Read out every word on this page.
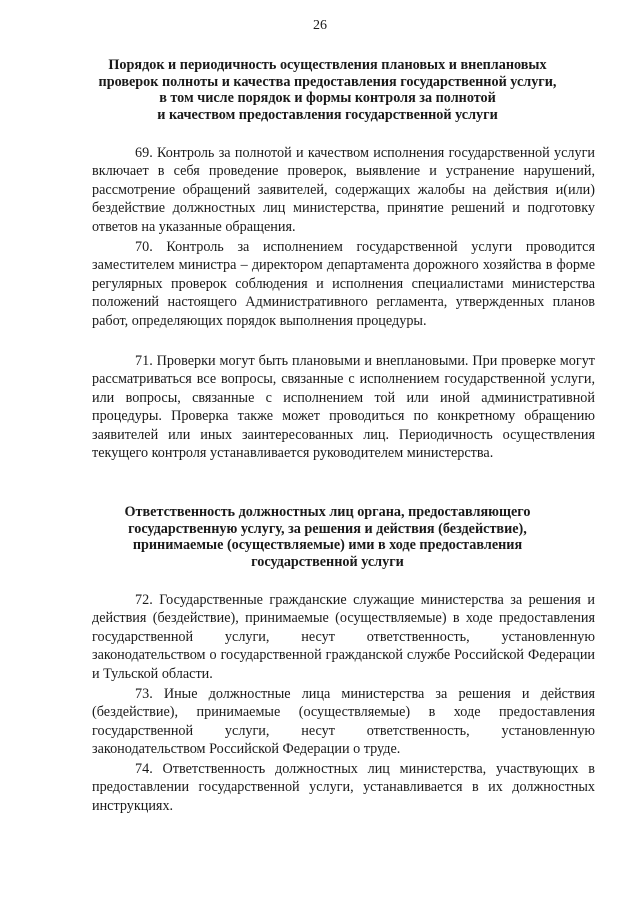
26
Порядок и периодичность осуществления плановых и внеплановых
проверок полноты и качества предоставления государственной услуги,
в том числе порядок и формы контроля за полнотой
и качеством предоставления государственной услуги

69. Контроль за полнотой и качеством исполнения государственной услуги включает в себя проведение проверок, выявление и устранение нарушений, рассмотрение обращений заявителей, содержащих жалобы на действия и(или) бездействие должностных лиц министерства, принятие решений и подготовку ответов на указанные обращения.

70. Контроль за исполнением государственной услуги проводится заместителем министра – директором департамента дорожного хозяйства в форме регулярных проверок соблюдения и исполнения специалистами министерства положений настоящего Административного регламента, утвержденных планов работ, определяющих порядок выполнения процедуры.

71. Проверки могут быть плановыми и внеплановыми. При проверке могут рассматриваться все вопросы, связанные с исполнением государственной услуги, или вопросы, связанные с исполнением той или иной административной процедуры. Проверка также может проводиться по конкретному обращению заявителей или иных заинтересованных лиц. Периодичность осуществления текущего контроля устанавливается руководителем министерства.

Ответственность должностных лиц органа, предоставляющего
государственную услугу, за решения и действия (бездействие),
принимаемые (осуществляемые) ими в ходе предоставления
государственной услуги

72. Государственные гражданские служащие министерства за решения и действия (бездействие), принимаемые (осуществляемые) в ходе предоставления государственной услуги, несут ответственность, установленную законодательством о государственной гражданской службе Российской Федерации и Тульской области.

73. Иные должностные лица министерства за решения и действия (бездействие), принимаемые (осуществляемые) в ходе предоставления государственной услуги, несут ответственность, установленную законодательством Российской Федерации о труде.

74. Ответственность должностных лиц министерства, участвующих в предоставлении государственной услуги, устанавливается в их должностных инструкциях.
